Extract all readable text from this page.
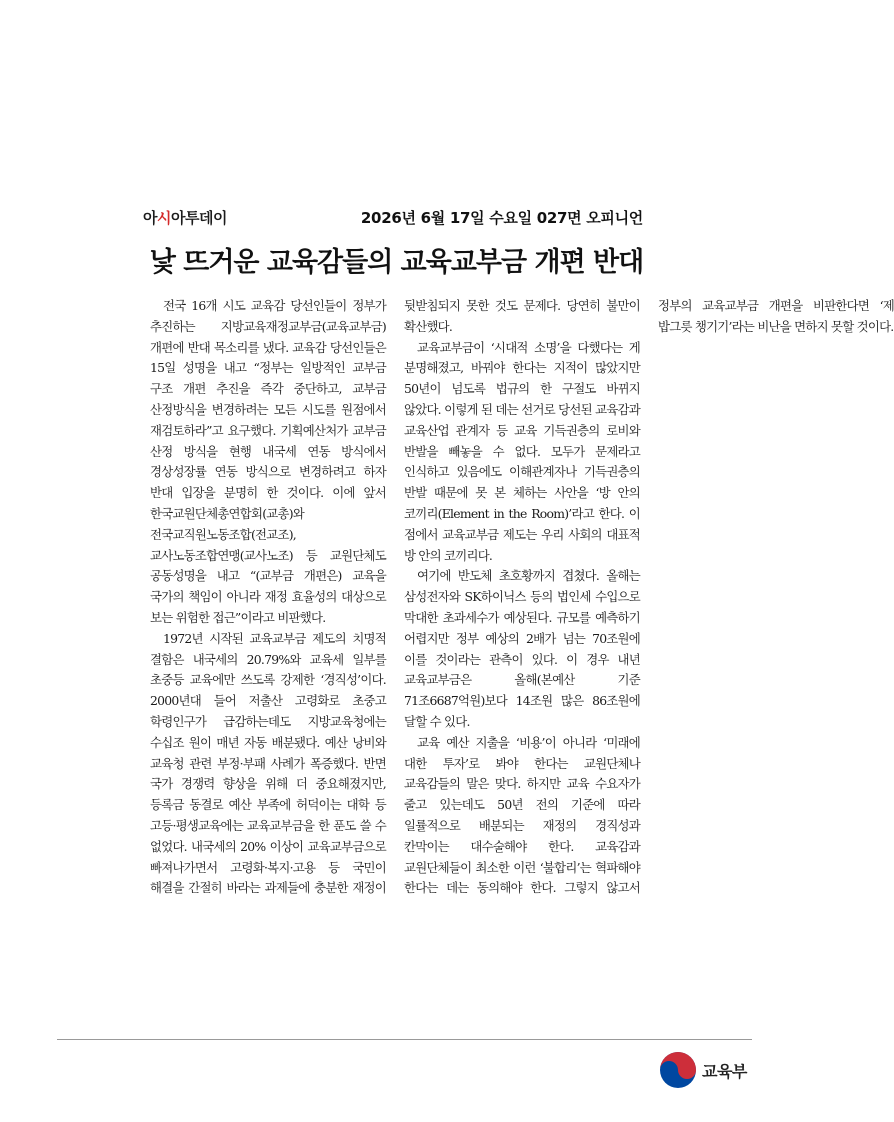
아시아투데이	2026년 6월 17일 수요일 027면 오피니언
낯 뜨거운 교육감들의 교육교부금 개편 반대

전국 16개 시도 교육감 당선인들이 정부가 추진하는 지방교육재정교부금(교육교부금) 개편에 반대 목소리를 냈다. 교육감 당선인들은 15일 성명을 내고 “정부는 일방적인 교부금 구조 개편 추진을 즉각 중단하고, 교부금 산정방식을 변경하려는 모든 시도를 원점에서 재검토하라”고 요구했다. 기획예산처가 교부금 산정 방식을 현행 내국세 연동 방식에서 경상성장률 연동 방식으로 변경하려고 하자 반대 입장을 분명히 한 것이다. 이에 앞서 한국교원단체총연합회(교총)와 전국교직원노동조합(전교조), 교사노동조합연맹(교사노조) 등 교원단체도 공동성명을 내고 “(교부금 개편은) 교육을 국가의 책임이 아니라 재정 효율성의 대상으로 보는 위험한 접근”이라고 비판했다.

1972년 시작된 교육교부금 제도의 치명적 결함은 내국세의 20.79%와 교육세 일부를 초중등 교육에만 쓰도록 강제한 ‘경직성’이다. 2000년대 들어 저출산 고령화로 초중고 학령인구가 급감하는데도 지방교육청에는 수십조 원이 매년 자동 배분됐다. 예산 낭비와 교육청 관련 부정·부패 사례가 폭증했다. 반면 국가 경쟁력 향상을 위해 더 중요해졌지만, 등록금 동결로 예산 부족에 허덕이는 대학 등 고등·평생교육에는 교육교부금을 한 푼도 쓸 수 없었다. 내국세의 20% 이상이 교육교부금으로 빠져나가면서 고령화·복지·고용 등 국민이 해결을 간절히 바라는 과제들에 충분한 재정이 뒷받침되지 못한 것도 문제다. 당연히 불만이 확산했다.

교육교부금이 ‘시대적 소명’을 다했다는 게 분명해졌고, 바꿔야 한다는 지적이 많았지만 50년이 넘도록 법규의 한 구절도 바뀌지 않았다. 이렇게 된 데는 선거로 당선된 교육감과 교육산업 관계자 등 교육 기득권층의 로비와 반발을 빼놓을 수 없다. 모두가 문제라고 인식하고 있음에도 이해관계자나 기득권층의 반발 때문에 못 본 체하는 사안을 ‘방 안의 코끼리(Element in the Room)’라고 한다. 이 점에서 교육교부금 제도는 우리 사회의 대표적 방 안의 코끼리다.

여기에 반도체 초호황까지 겹쳤다. 올해는 삼성전자와 SK하이닉스 등의 법인세 수입으로 막대한 초과세수가 예상된다. 규모를 예측하기 어렵지만 정부 예상의 2배가 넘는 70조원에 이를 것이라는 관측이 있다. 이 경우 내년 교육교부금은 올해(본예산 기준 71조6687억원)보다 14조원 많은 86조원에 달할 수 있다.

교육 예산 지출을 ‘비용’이 아니라 ‘미래에 대한 투자’로 봐야 한다는 교원단체나 교육감들의 말은 맞다. 하지만 교육 수요자가 줄고 있는데도 50년 전의 기준에 따라 일률적으로 배분되는 재정의 경직성과 칸막이는 대수술해야 한다. 교육감과 교원단체들이 최소한 이런 ‘불합리’는 혁파해야 한다는 데는 동의해야 한다. 그렇지 않고서 정부의 교육교부금 개편을 비판한다면 ‘제 밥그릇 챙기기’라는 비난을 면하지 못할 것이다.

교육부
